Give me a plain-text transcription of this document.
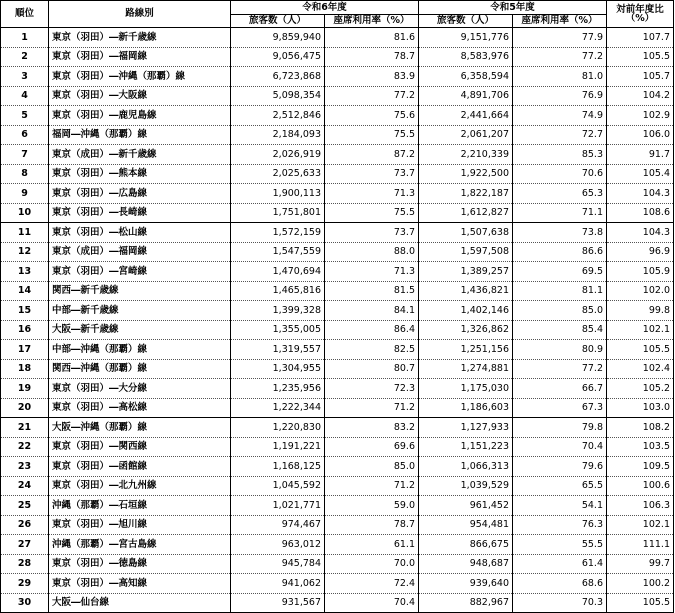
順位	路線別	令和6年度		令和5年度		対前年度比
（%）
		旅客数（人）	座席利用率（%）	旅客数（人）	座席利用率（%）	
1	東京（羽田）―新千歳線	9,859,940	81.6	9,151,776	77.9	107.7
2	東京（羽田）―福岡線	9,056,475	78.7	8,583,976	77.2	105.5
3	東京（羽田）―沖縄（那覇）線	6,723,868	83.9	6,358,594	81.0	105.7
4	東京（羽田）―大阪線	5,098,354	77.2	4,891,706	76.9	104.2
5	東京（羽田）―鹿児島線	2,512,846	75.6	2,441,664	74.9	102.9
6	福岡―沖縄（那覇）線	2,184,093	75.5	2,061,207	72.7	106.0
7	東京（成田）―新千歳線	2,026,919	87.2	2,210,339	85.3	91.7
8	東京（羽田）―熊本線	2,025,633	73.7	1,922,500	70.6	105.4
9	東京（羽田）―広島線	1,900,113	71.3	1,822,187	65.3	104.3
10	東京（羽田）―長崎線	1,751,801	75.5	1,612,827	71.1	108.6
11	東京（羽田）―松山線	1,572,159	73.7	1,507,638	73.8	104.3
12	東京（成田）―福岡線	1,547,559	88.0	1,597,508	86.6	96.9
13	東京（羽田）―宮崎線	1,470,694	71.3	1,389,257	69.5	105.9
14	関西―新千歳線	1,465,816	81.5	1,436,821	81.1	102.0
15	中部―新千歳線	1,399,328	84.1	1,402,146	85.0	99.8
16	大阪―新千歳線	1,355,005	86.4	1,326,862	85.4	102.1
17	中部―沖縄（那覇）線	1,319,557	82.5	1,251,156	80.9	105.5
18	関西―沖縄（那覇）線	1,304,955	80.7	1,274,881	77.2	102.4
19	東京（羽田）―大分線	1,235,956	72.3	1,175,030	66.7	105.2
20	東京（羽田）―高松線	1,222,344	71.2	1,186,603	67.3	103.0
21	大阪―沖縄（那覇）線	1,220,830	83.2	1,127,933	79.8	108.2
22	東京（羽田）―関西線	1,191,221	69.6	1,151,223	70.4	103.5
23	東京（羽田）―函館線	1,168,125	85.0	1,066,313	79.6	109.5
24	東京（羽田）―北九州線	1,045,592	71.2	1,039,529	65.5	100.6
25	沖縄（那覇）―石垣線	1,021,771	59.0	961,452	54.1	106.3
26	東京（羽田）―旭川線	974,467	78.7	954,481	76.3	102.1
27	沖縄（那覇）―宮古島線	963,012	61.1	866,675	55.5	111.1
28	東京（羽田）―徳島線	945,784	70.0	948,687	61.4	99.7
29	東京（羽田）―高知線	941,062	72.4	939,640	68.6	100.2
30	大阪―仙台線	931,567	70.4	882,967	70.3	105.5
